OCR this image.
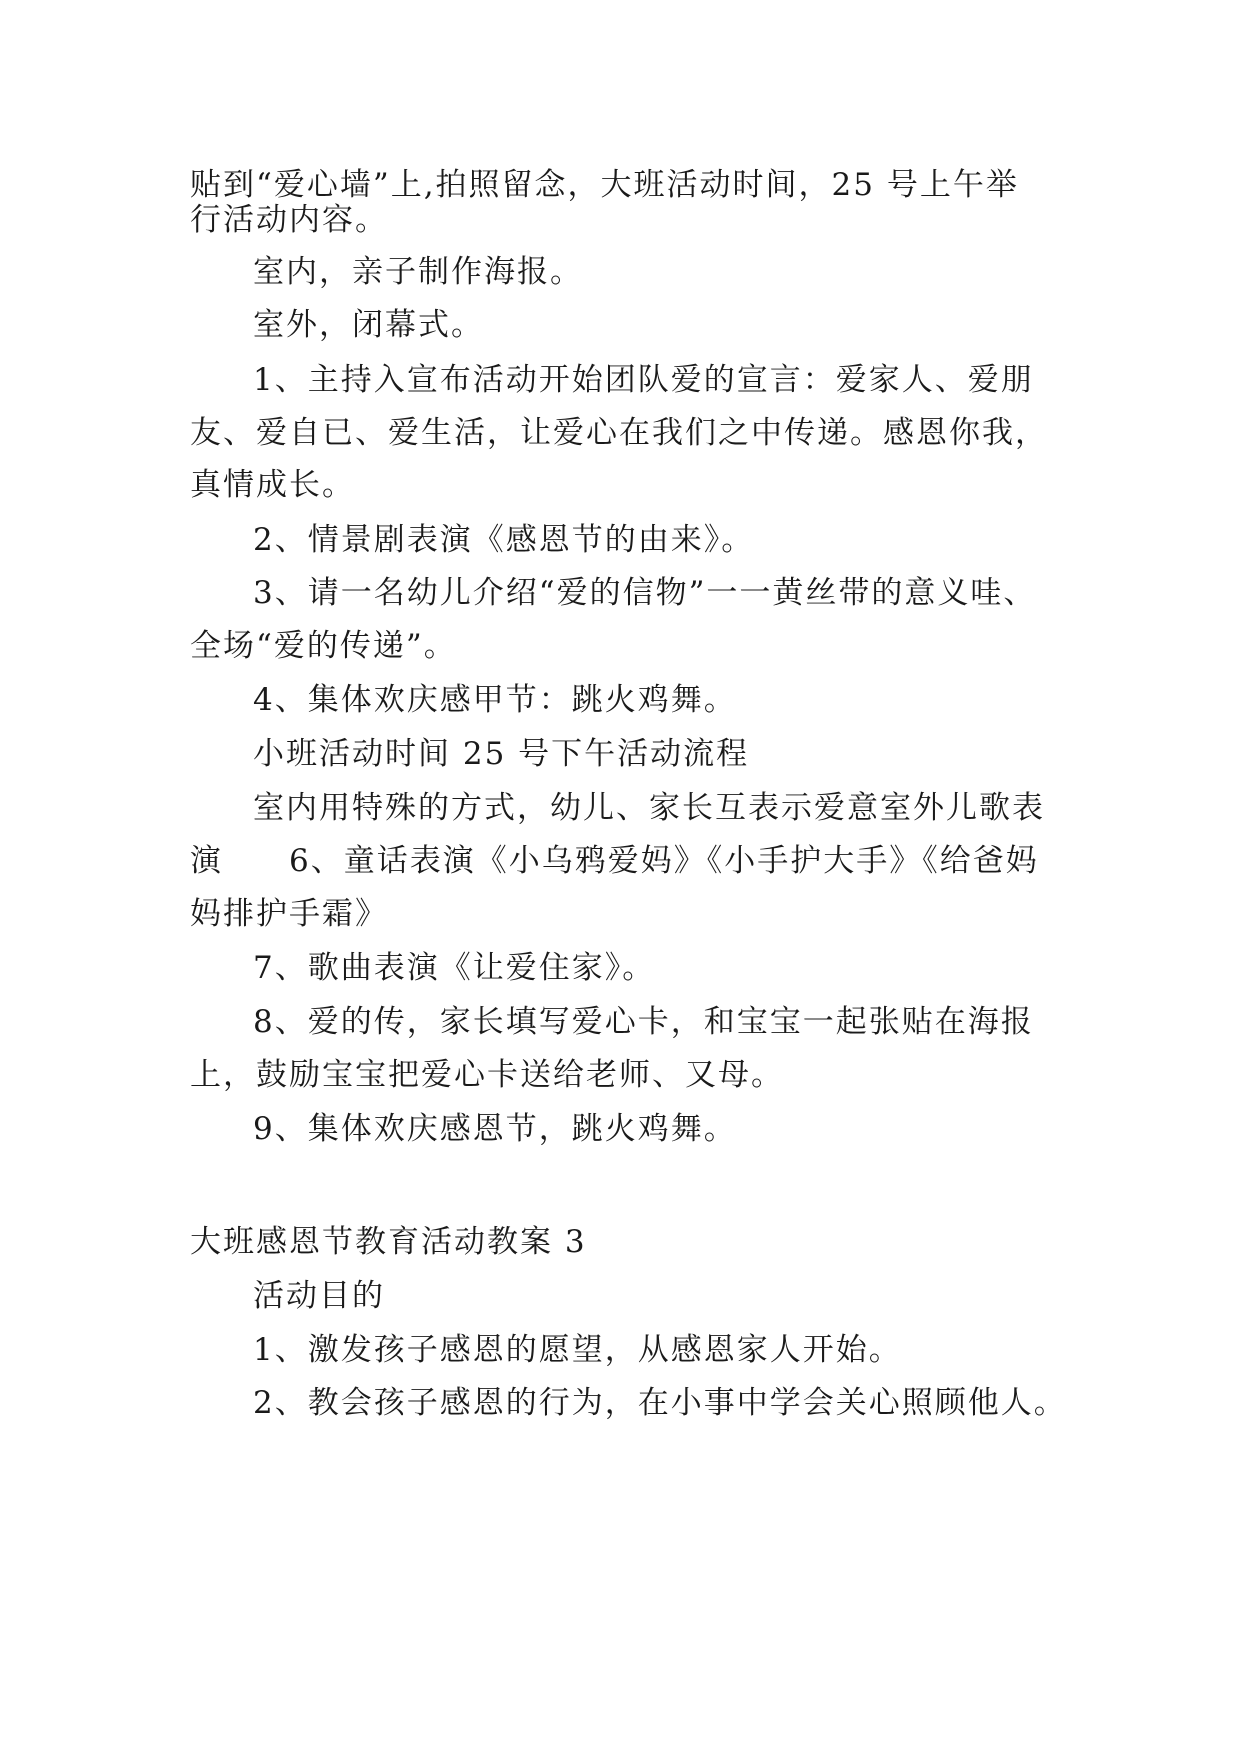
贴到“爱心墙”上,拍照留念，大班活动时间，25 号上午举
行活动内容。
室内，亲子制作海报。
室外，闭幕式。
1、主持入宣布活动开始团队爱的宣言：爱家人、爱朋
友、爱自已、爱生活，让爱心在我们之中传递。感恩你我，
真情成长。
2、情景剧表演《感恩节的由来》。
3、请一名幼儿介绍“爱的信物”一一黄丝带的意义哇、
全场“爱的传递”。
4、集体欢庆感甲节：跳火鸡舞。
小班活动时间 25 号下午活动流程
室内用特殊的方式，幼儿、家长互表示爱意室外儿歌表
演　　6、童话表演《小乌鸦爱妈》《小手护大手》《给爸妈
妈排护手霜》
7、歌曲表演《让爱住家》。
8、爱的传，家长填写爱心卡，和宝宝一起张贴在海报
上，鼓励宝宝把爱心卡送给老师、又母。
9、集体欢庆感恩节，跳火鸡舞。
大班感恩节教育活动教案 3
活动目的
1、激发孩子感恩的愿望，从感恩家人开始。
2、教会孩子感恩的行为，在小事中学会关心照顾他人。
